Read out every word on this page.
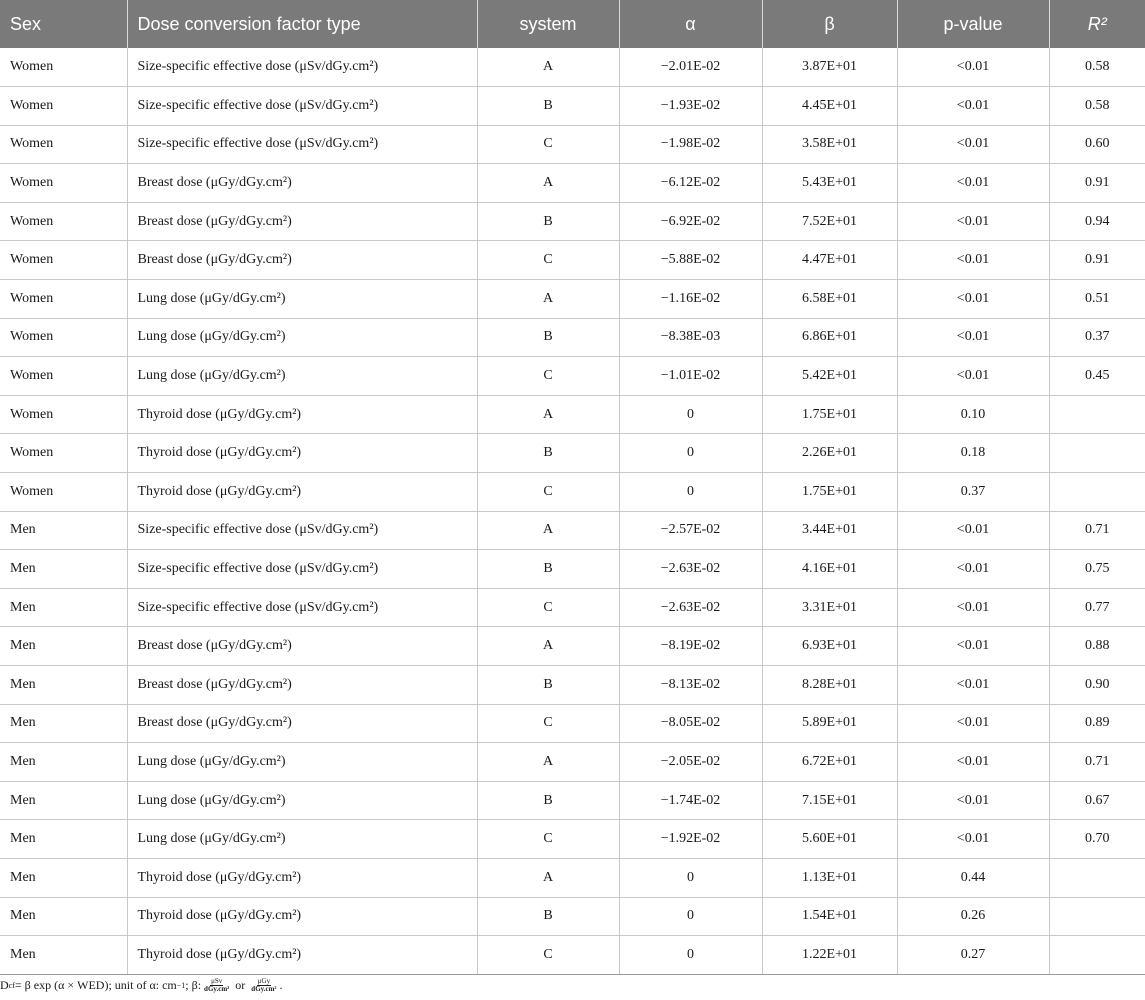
Sex	Dose conversion factor type	system	α	β	p-value	R²
Women	Size-specific effective dose (μSv/dGy.cm²)	A	−2.01E-02	3.87E+01	<0.01	0.58
Women	Size-specific effective dose (μSv/dGy.cm²)	B	−1.93E-02	4.45E+01	<0.01	0.58
Women	Size-specific effective dose (μSv/dGy.cm²)	C	−1.98E-02	3.58E+01	<0.01	0.60
Women	Breast dose (μGy/dGy.cm²)	A	−6.12E-02	5.43E+01	<0.01	0.91
Women	Breast dose (μGy/dGy.cm²)	B	−6.92E-02	7.52E+01	<0.01	0.94
Women	Breast dose (μGy/dGy.cm²)	C	−5.88E-02	4.47E+01	<0.01	0.91
Women	Lung dose (μGy/dGy.cm²)	A	−1.16E-02	6.58E+01	<0.01	0.51
Women	Lung dose (μGy/dGy.cm²)	B	−8.38E-03	6.86E+01	<0.01	0.37
Women	Lung dose (μGy/dGy.cm²)	C	−1.01E-02	5.42E+01	<0.01	0.45
Women	Thyroid dose (μGy/dGy.cm²)	A	0	1.75E+01	0.10	
Women	Thyroid dose (μGy/dGy.cm²)	B	0	2.26E+01	0.18	
Women	Thyroid dose (μGy/dGy.cm²)	C	0	1.75E+01	0.37	
Men	Size-specific effective dose (μSv/dGy.cm²)	A	−2.57E-02	3.44E+01	<0.01	0.71
Men	Size-specific effective dose (μSv/dGy.cm²)	B	−2.63E-02	4.16E+01	<0.01	0.75
Men	Size-specific effective dose (μSv/dGy.cm²)	C	−2.63E-02	3.31E+01	<0.01	0.77
Men	Breast dose (μGy/dGy.cm²)	A	−8.19E-02	6.93E+01	<0.01	0.88
Men	Breast dose (μGy/dGy.cm²)	B	−8.13E-02	8.28E+01	<0.01	0.90
Men	Breast dose (μGy/dGy.cm²)	C	−8.05E-02	5.89E+01	<0.01	0.89
Men	Lung dose (μGy/dGy.cm²)	A	−2.05E-02	6.72E+01	<0.01	0.71
Men	Lung dose (μGy/dGy.cm²)	B	−1.74E-02	7.15E+01	<0.01	0.67
Men	Lung dose (μGy/dGy.cm²)	C	−1.92E-02	5.60E+01	<0.01	0.70
Men	Thyroid dose (μGy/dGy.cm²)	A	0	1.13E+01	0.44	
Men	Thyroid dose (μGy/dGy.cm²)	B	0	1.54E+01	0.26	
Men	Thyroid dose (μGy/dGy.cm²)	C	0	1.22E+01	0.27	
D cf = β exp (α × WED); unit of α: cm −1 ; β: $\frac{\text{μSv}}{\text{dGy.cm²}}$ or $\frac{\text{μGy}}{\text{dGy.cm²}}$ .
